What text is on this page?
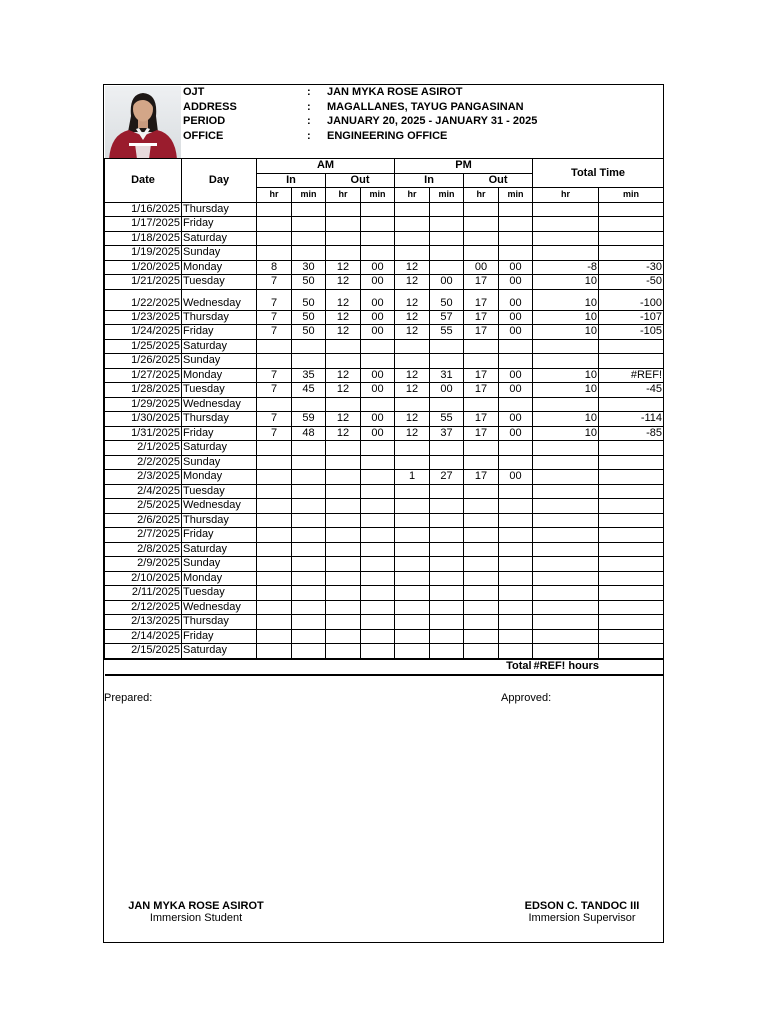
OJT	: JAN MYKA ROSE ASIROT
ADDRESS	: MAGALLANES, TAYUG PANGASINAN
PERIOD	: JANUARY 20, 2025 - JANUARY 31 - 2025
OFFICE	: ENGINEERING OFFICE
Date	Day	AM				PM				Total Time	
		In		Out		In		Out			
		hr	min	hr	min	hr	min	hr	min	hr	min
1/16/2025	Thursday										
1/17/2025	Friday										
1/18/2025	Saturday										
1/19/2025	Sunday										
1/20/2025	Monday	8	30	12	00	12		00	00	-8	-30
1/21/2025	Tuesday	7	50	12	00	12	00	17	00	10	-50
1/22/2025	Wednesday	7	50	12	00	12	50	17	00	10	-100
1/23/2025	Thursday	7	50	12	00	12	57	17	00	10	-107
1/24/2025	Friday	7	50	12	00	12	55	17	00	10	-105
1/25/2025	Saturday										
1/26/2025	Sunday										
1/27/2025	Monday	7	35	12	00	12	31	17	00	10	#REF!
1/28/2025	Tuesday	7	45	12	00	12	00	17	00	10	-45
1/29/2025	Wednesday										
1/30/2025	Thursday	7	59	12	00	12	55	17	00	10	-114
1/31/2025	Friday	7	48	12	00	12	37	17	00	10	-85
2/1/2025	Saturday										
2/2/2025	Sunday										
2/3/2025	Monday					1	27	17	00		
2/4/2025	Tuesday										
2/5/2025	Wednesday										
2/6/2025	Thursday										
2/7/2025	Friday										
2/8/2025	Saturday										
2/9/2025	Sunday										
2/10/2025	Monday										
2/11/2025	Tuesday										
2/12/2025	Wednesday										
2/13/2025	Thursday										
2/14/2025	Friday										
2/15/2025	Saturday										
								Total		#REF! hours	
Prepared:	Approved:
JAN MYKA ROSE ASIROT
Immersion Student
EDSON C. TANDOC III
Immersion Supervisor
